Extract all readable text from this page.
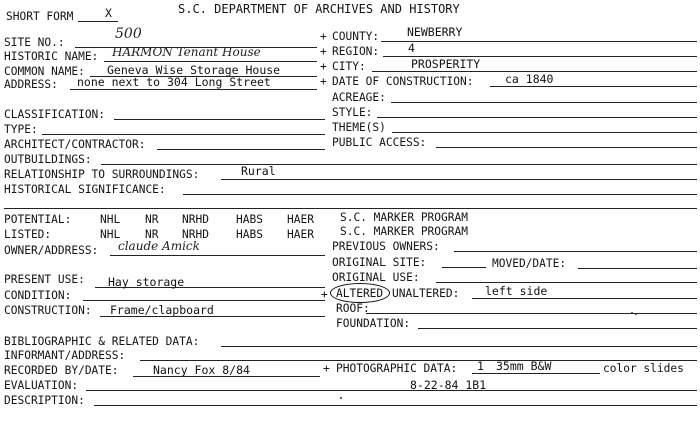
SHORT FORM	X	S.C. DEPARTMENT OF ARCHIVES AND HISTORY
SITE NO.:
500
HISTORIC NAME: HARMON Tenant House
COMMON NAME: Geneva Wise Storage House
ADDRESS: none next to 304 Long Street
+ COUNTY: NEWBERRY
+ REGION:	4
+ CITY:	PROSPERITY
+ DATE OF CONSTRUCTION:	ca 1840
ACREAGE:
STYLE:
THEME(S)
PUBLIC ACCESS:
CLASSIFICATION:
TYPE:
ARCHITECT/CONTRACTOR:
OUTBUILDINGS:
RELATIONSHIP TO SURROUNDINGS:	Rural
HISTORICAL SIGNIFICANCE:
POTENTIAL:	NHL NR NRHD HABS HAER S.C. MARKER PROGRAM
LISTED:	NHL NR NRHD HABS HAER S.C. MARKER PROGRAM
OWNER/ADDRESS: claude Amick	PREVIOUS OWNERS:
ORIGINAL SITE:	MOVED/DATE:
ORIGINAL USE:
PRESENT USE: Hay storage
CONDITION:	+ ALTERED UNALTERED: left side
CONSTRUCTION: Frame/clapboard	ROOF:
FOUNDATION:
BIBLIOGRAPHIC & RELATED DATA:
INFORMANT/ADDRESS:
RECORDED BY/DATE:	Nancy Fox 8/84	+ PHOTOGRAPHIC DATA: 1 35mm B&W	color slides
EVALUATION:	8-22-84 1B1
DESCRIPTION:
